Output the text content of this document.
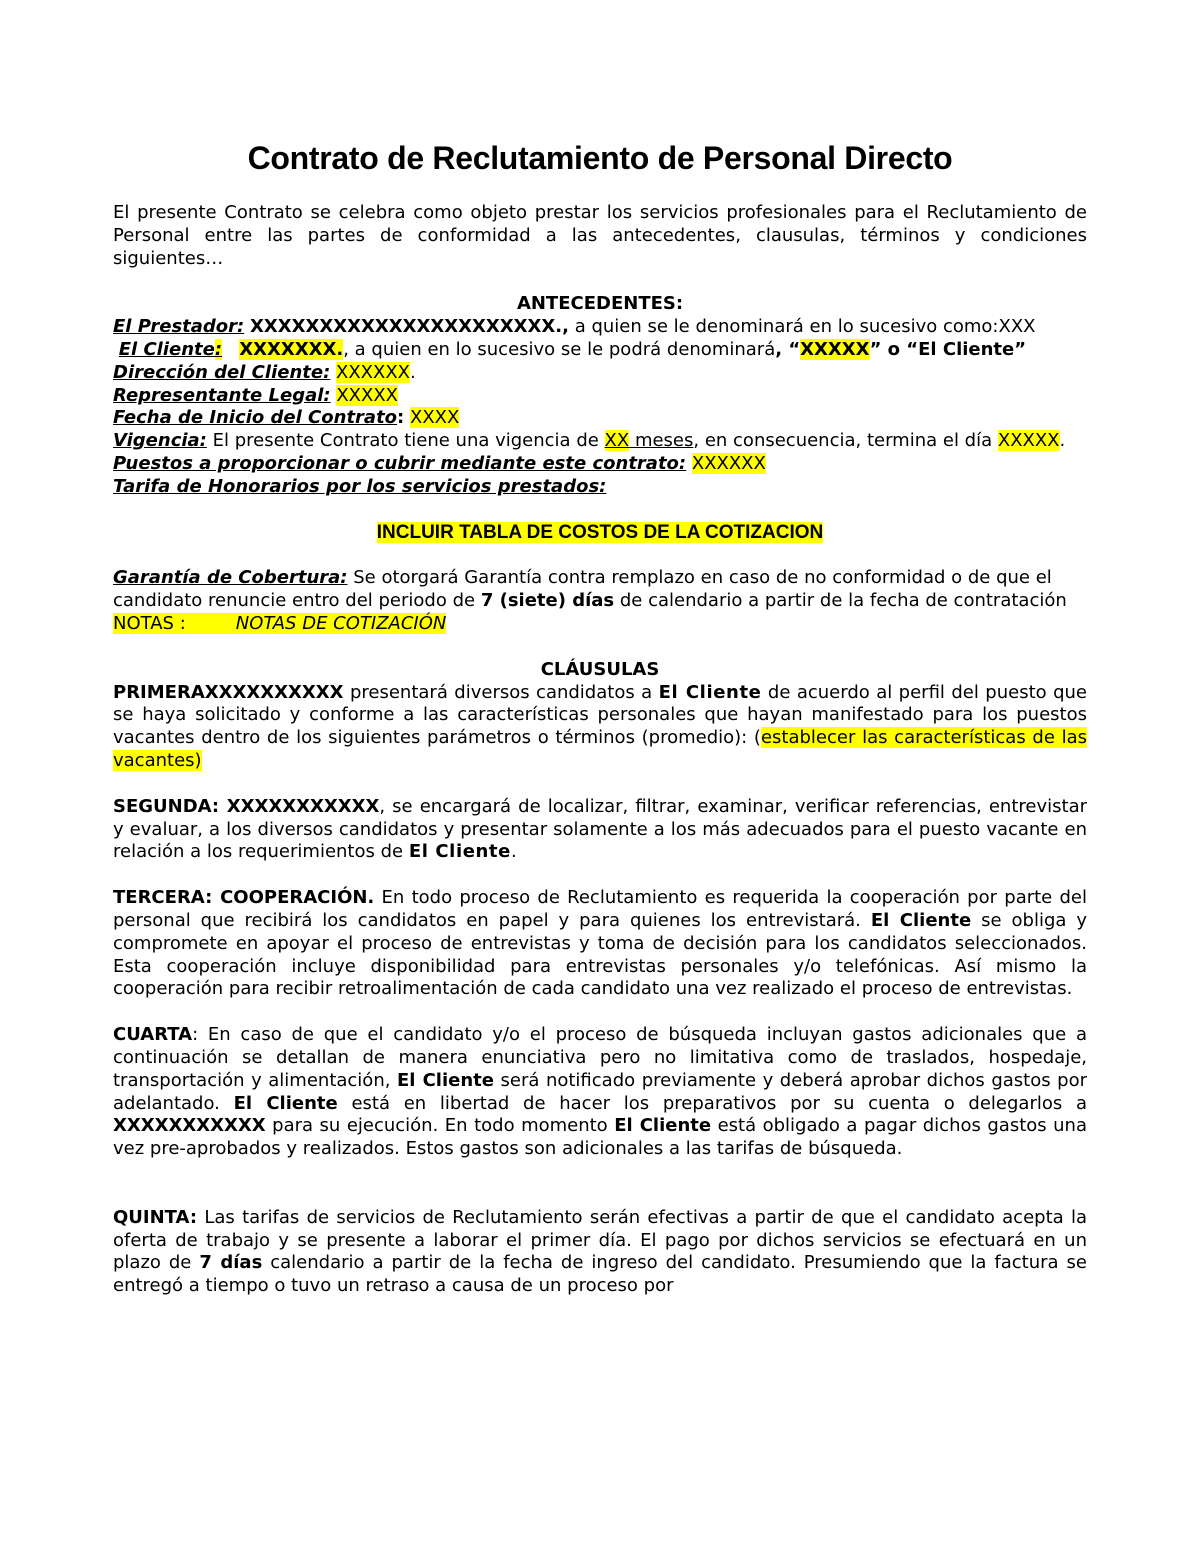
Contrato de Reclutamiento de Personal Directo

El presente Contrato se celebra como objeto prestar los servicios profesionales para el Reclutamiento de Personal entre las partes de conformidad a las antecedentes, clausulas, términos y condiciones siguientes…

ANTECEDENTES:

El Prestador: XXXXXXXXXXXXXXXXXXXXXX., a quien se le denominará en lo sucesivo como:XXX

El Cliente: XXXXXXX., a quien en lo sucesivo se le podrá denominará, “XXXXX” o “El Cliente”

Dirección del Cliente: XXXXXX.

Representante Legal: XXXXX

Fecha de Inicio del Contrato: XXXX

Vigencia: El presente Contrato tiene una vigencia de XX meses, en consecuencia, termina el día XXXXX.

Puestos a proporcionar o cubrir mediante este contrato: XXXXXX

Tarifa de Honorarios por los servicios prestados:

INCLUIR TABLA DE COSTOS DE LA COTIZACION

Garantía de Cobertura: Se otorgará Garantía contra remplazo en caso de no conformidad o de que el candidato renuncie entro del periodo de 7 (siete) días de calendario a partir de la fecha de contratación

NOTAS :	NOTAS DE COTIZACIÓN

CLÁUSULAS

PRIMERAXXXXXXXXXX presentará diversos candidatos a El Cliente de acuerdo al perfil del puesto que se haya solicitado y conforme a las características personales que hayan manifestado para los puestos vacantes dentro de los siguientes parámetros o términos (promedio): (establecer las características de las vacantes)

SEGUNDA: XXXXXXXXXXX, se encargará de localizar, filtrar, examinar, verificar referencias, entrevistar y evaluar, a los diversos candidatos y presentar solamente a los más adecuados para el puesto vacante en relación a los requerimientos de El Cliente.

TERCERA: COOPERACIÓN. En todo proceso de Reclutamiento es requerida la cooperación por parte del personal que recibirá los candidatos en papel y para quienes los entrevistará. El Cliente se obliga y compromete en apoyar el proceso de entrevistas y toma de decisión para los candidatos seleccionados. Esta cooperación incluye disponibilidad para entrevistas personales y/o telefónicas. Así mismo la cooperación para recibir retroalimentación de cada candidato una vez realizado el proceso de entrevistas.

CUARTA: En caso de que el candidato y/o el proceso de búsqueda incluyan gastos adicionales que a continuación se detallan de manera enunciativa pero no limitativa como de traslados, hospedaje, transportación y alimentación, El Cliente será notificado previamente y deberá aprobar dichos gastos por adelantado. El Cliente está en libertad de hacer los preparativos por su cuenta o delegarlos a XXXXXXXXXXX para su ejecución. En todo momento El Cliente está obligado a pagar dichos gastos una vez pre-aprobados y realizados. Estos gastos son adicionales a las tarifas de búsqueda.

QUINTA: Las tarifas de servicios de Reclutamiento serán efectivas a partir de que el candidato acepta la oferta de trabajo y se presente a laborar el primer día. El pago por dichos servicios se efectuará en un plazo de 7 días calendario a partir de la fecha de ingreso del candidato. Presumiendo que la factura se entregó a tiempo o tuvo un retraso a causa de un proceso por
